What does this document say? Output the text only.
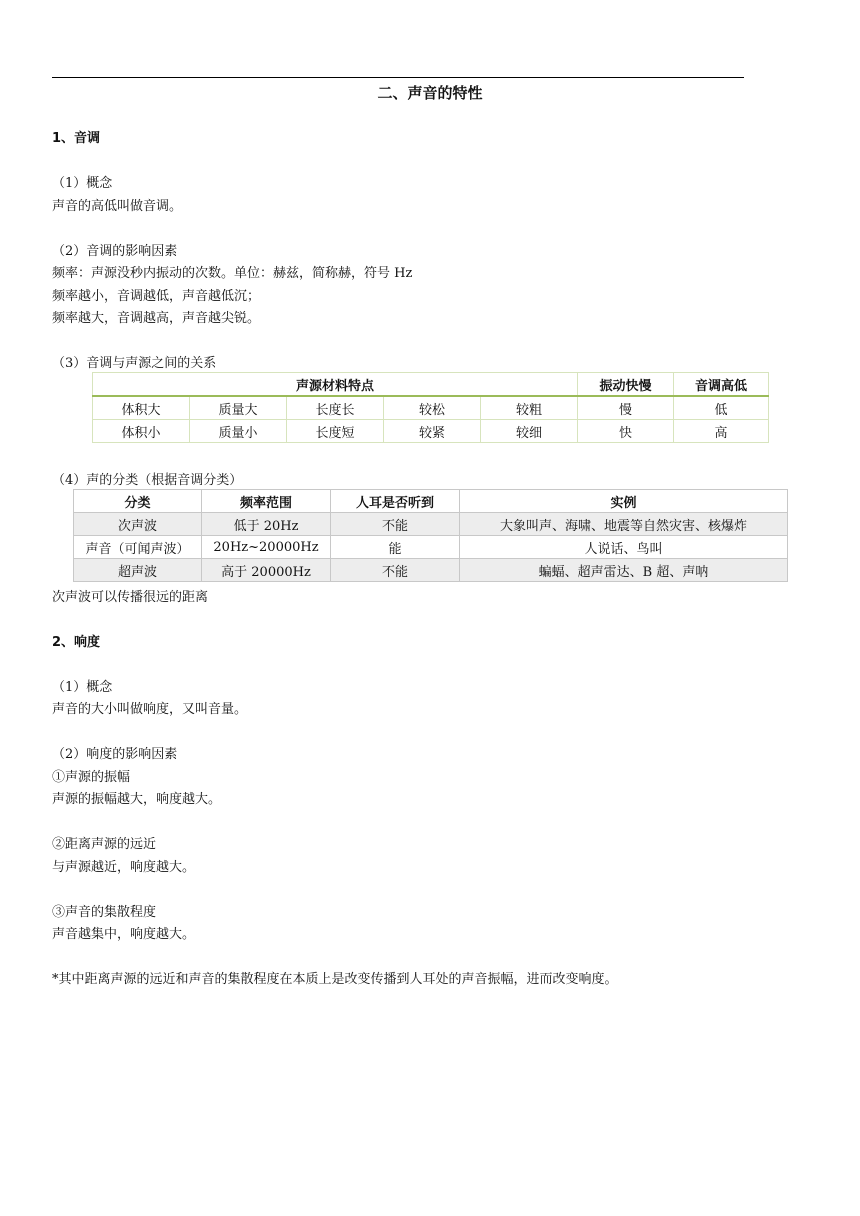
二、声音的特性
1、音调
（1）概念
声音的高低叫做音调。
（2）音调的影响因素
频率：声源没秒内振动的次数。单位：赫兹，简称赫，符号 Hz
频率越小，音调越低，声音越低沉；
频率越大，音调越高，声音越尖锐。
（3）音调与声源之间的关系
声源材料特点					振动快慢	音调高低
体积大	质量大	长度长	较松	较粗	慢	低
体积小	质量小	长度短	较紧	较细	快	高
（4）声的分类（根据音调分类）
分类	频率范围	人耳是否听到	实例
次声波	低于 20Hz	不能	大象叫声、海啸、地震等自然灾害、核爆炸
声音（可闻声波）	20Hz~20000Hz	能	人说话、鸟叫
超声波	高于 20000Hz	不能	蝙蝠、超声雷达、B 超、声呐
次声波可以传播很远的距离
2、响度
（1）概念
声音的大小叫做响度，又叫音量。
（2）响度的影响因素
①声源的振幅
声源的振幅越大，响度越大。
②距离声源的远近
与声源越近，响度越大。
③声音的集散程度
声音越集中，响度越大。
*其中距离声源的远近和声音的集散程度在本质上是改变传播到人耳处的声音振幅，进而改变响度。
